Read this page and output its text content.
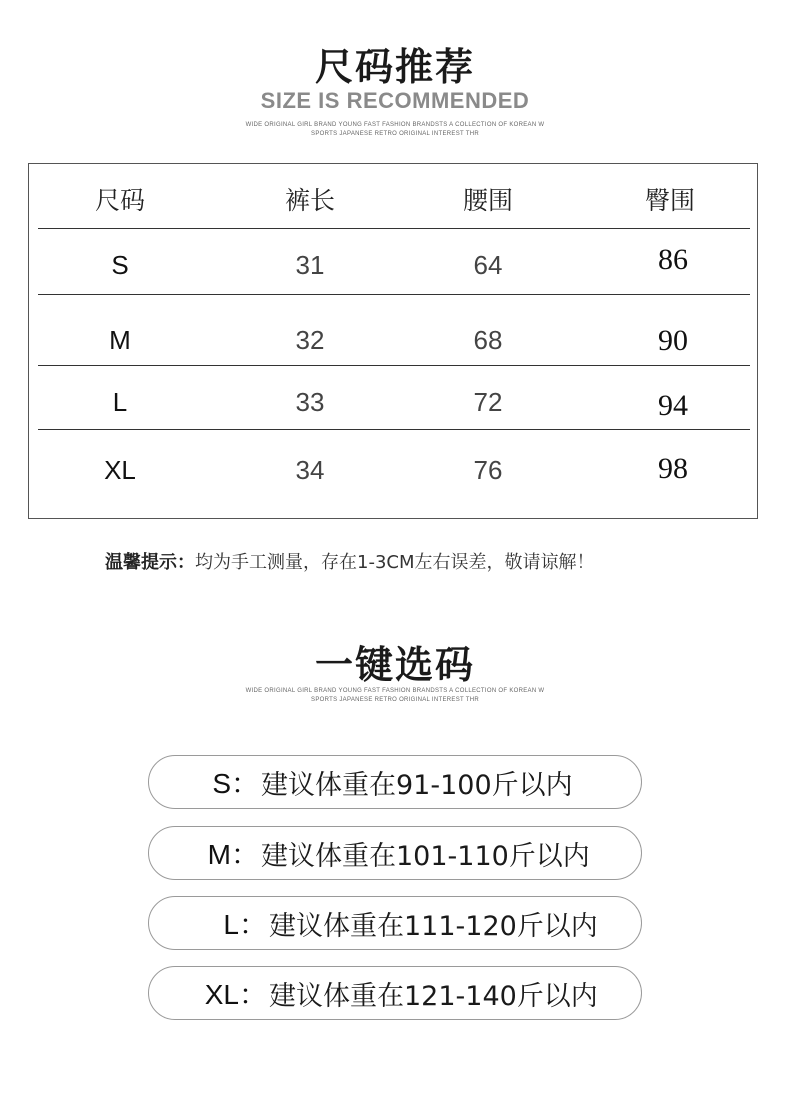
尺码推荐
SIZE IS RECOMMENDED
WIDE ORIGINAL GIRL BRAND YOUNG FAST FASHION BRANDSTS A COLLECTION OF KOREAN W
SPORTS JAPANESE RETRO ORIGINAL INTEREST THR
尺码	裤长	腰围	臀围
S	31	64	86
M	32	68	90
L	33	72	94
XL	34	76	98
温馨提示：均为手工测量，存在1-3CM左右误差，敬请谅解！
一键选码
WIDE ORIGINAL GIRL BRAND YOUNG FAST FASHION BRANDSTS A COLLECTION OF KOREAN W
SPORTS JAPANESE RETRO ORIGINAL INTEREST THR
S： 建议体重在91-100斤以内
M： 建议体重在101-110斤以内
L： 建议体重在111-120斤以内
XL： 建议体重在121-140斤以内
